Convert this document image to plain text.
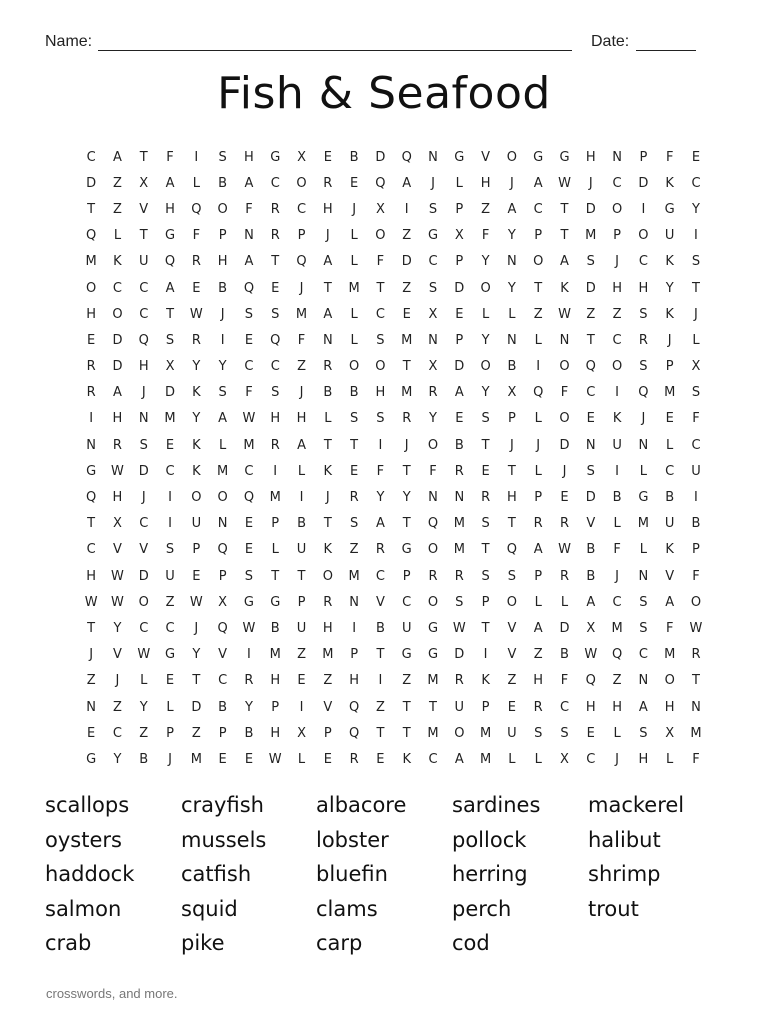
Name:	Date:
Fish & Seafood
C	A	T	F	I	S	H	G	X	E	B	D	Q	N	G	V	O	G	G	H	N	P	F	E
D	Z	X	A	L	B	A	C	O	R	E	Q	A	J	L	H	J	A	W	J	C	D	K	C
T	Z	V	H	Q	O	F	R	C	H	J	X	I	S	P	Z	A	C	T	D	O	I	G	Y
Q	L	T	G	F	P	N	R	P	J	L	O	Z	G	X	F	Y	P	T	M	P	O	U	I
M	K	U	Q	R	H	A	T	Q	A	L	F	D	C	P	Y	N	O	A	S	J	C	K	S
O	C	C	A	E	B	Q	E	J	T	M	T	Z	S	D	O	Y	T	K	D	H	H	Y	T
H	O	C	T	W	J	S	S	M	A	L	C	E	X	E	L	L	Z	W	Z	Z	S	K	J
E	D	Q	S	R	I	E	Q	F	N	L	S	M	N	P	Y	N	L	N	T	C	R	J	L
R	D	H	X	Y	Y	C	C	Z	R	O	O	T	X	D	O	B	I	O	Q	O	S	P	X
R	A	J	D	K	S	F	S	J	B	B	H	M	R	A	Y	X	Q	F	C	I	Q	M	S
I	H	N	M	Y	A	W	H	H	L	S	S	R	Y	E	S	P	L	O	E	K	J	E	F
N	R	S	E	K	L	M	R	A	T	T	I	J	O	B	T	J	J	D	N	U	N	L	C
G	W	D	C	K	M	C	I	L	K	E	F	T	F	R	E	T	L	J	S	I	L	C	U
Q	H	J	I	O	O	Q	M	I	J	R	Y	Y	N	N	R	H	P	E	D	B	G	B	I
T	X	C	I	U	N	E	P	B	T	S	A	T	Q	M	S	T	R	R	V	L	M	U	B
C	V	V	S	P	Q	E	L	U	K	Z	R	G	O	M	T	Q	A	W	B	F	L	K	P
H	W	D	U	E	P	S	T	T	O	M	C	P	R	R	S	S	P	R	B	J	N	V	F
W	W	O	Z	W	X	G	G	P	R	N	V	C	O	S	P	O	L	L	A	C	S	A	O
T	Y	C	C	J	Q	W	B	U	H	I	B	U	G	W	T	V	A	D	X	M	S	F	W
J	V	W	G	Y	V	I	M	Z	M	P	T	G	G	D	I	V	Z	B	W	Q	C	M	R
Z	J	L	E	T	C	R	H	E	Z	H	I	Z	M	R	K	Z	H	F	Q	Z	N	O	T
N	Z	Y	L	D	B	Y	P	I	V	Q	Z	T	T	U	P	E	R	C	H	H	A	H	N
E	C	Z	P	Z	P	B	H	X	P	Q	T	T	M	O	M	U	S	S	E	L	S	X	M
G	Y	B	J	M	E	E	W	L	E	R	E	K	C	A	M	L	L	X	C	J	H	L	F
scallops
oysters
haddock
salmon
crab
crayfish
mussels
catfish
squid
pike
albacore
lobster
bluefin
clams
carp
sardines
pollock
herring
perch
cod
mackerel
halibut
shrimp
trout
crosswords, and more.
